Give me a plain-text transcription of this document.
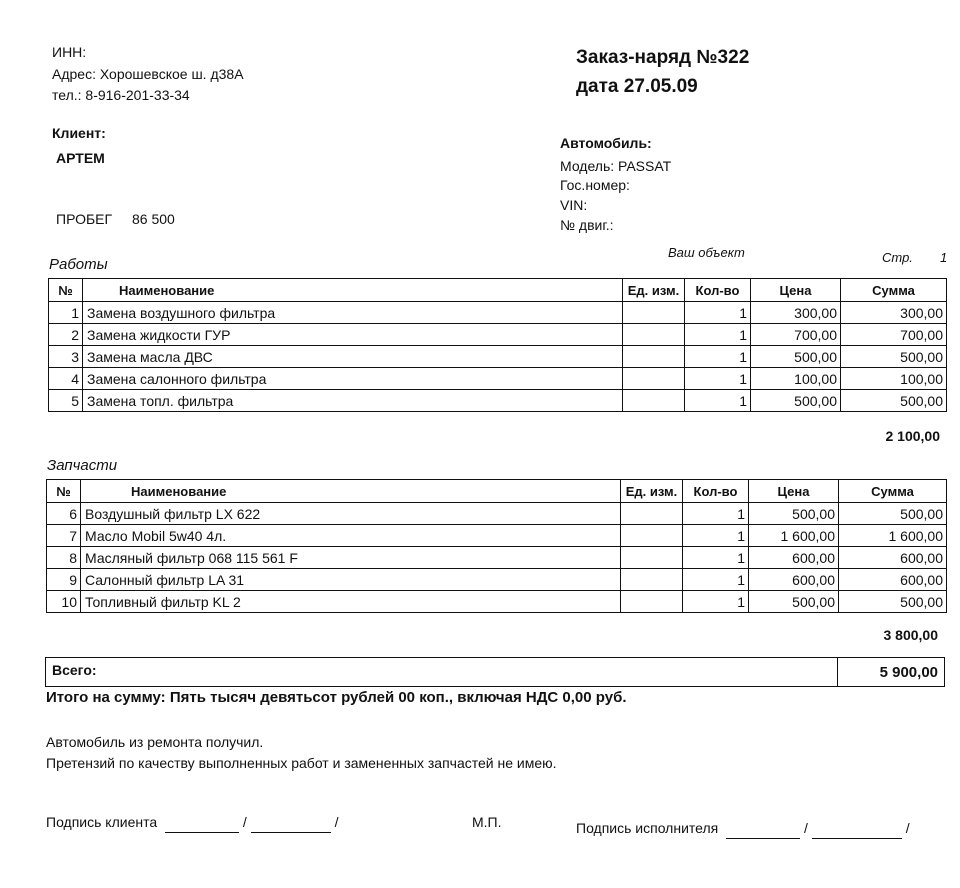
ИНН:
Адрес: Хорошевское ш. д38А
тел.: 8-916-201-33-34
Заказ-наряд №322
дата 27.05.09
Клиент:
АРТЕМ
ПРОБЕГ 86 500
Автомобиль:
Модель: PASSAT
Гос.номер:
VIN:
№ двиг.:
Ваш объект	Стр. 1
Работы
№	Наименование	Ед. изм.	Кол-во	Цена	Сумма
1	Замена воздушного фильтра		1	300,00	300,00
2	Замена жидкости ГУР		1	700,00	700,00
3	Замена масла ДВС		1	500,00	500,00
4	Замена салонного фильтра		1	100,00	100,00
5	Замена топл. фильтра		1	500,00	500,00
2 100,00
Запчасти
№	Наименование	Ед. изм.	Кол-во	Цена	Сумма
6	Воздушный фильтр LX 622		1	500,00	500,00
7	Масло Mobil 5w40 4л.		1	1 600,00	1 600,00
8	Масляный фильтр 068 115 561 F		1	600,00	600,00
9	Салонный фильтр LA 31		1	600,00	600,00
10	Топливный фильтр KL 2		1	500,00	500,00
3 800,00
Всего:	5 900,00
Итого на сумму: Пять тысяч девятьсот рублей 00 коп., включая НДС 0,00 руб.
Автомобиль из ремонта получил.
Претензий по качеству выполненных работ и замененных запчастей не имею.
Подпись клиента	/	/	М.П.	Подпись исполнителя	/	/
